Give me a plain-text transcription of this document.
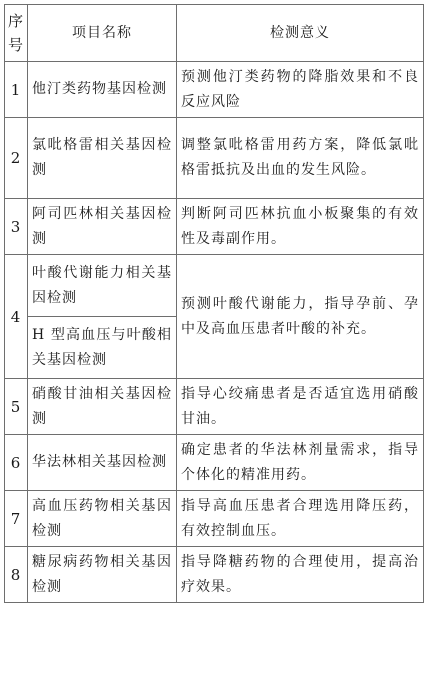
序号	项目名称	检测意义
1	他汀类药物基因检测	预测他汀类药物的降脂效果和不良反应风险
2	氯吡格雷相关基因检测	调整氯吡格雷用药方案，降低氯吡格雷抵抗及出血的发生风险。
3	阿司匹林相关基因检测	判断阿司匹林抗血小板聚集的有效性及毒副作用。
4	叶酸代谢能力相关基因检测	预测叶酸代谢能力，指导孕前、孕中及高血压患者叶酸的补充。
	H 型高血压与叶酸相关基因检测	
5	硝酸甘油相关基因检测	指导心绞痛患者是否适宜选用硝酸甘油。
6	华法林相关基因检测	确定患者的华法林剂量需求，指导个体化的精准用药。
7	高血压药物相关基因检测	指导高血压患者合理选用降压药，有效控制血压。
8	糖尿病药物相关基因检测	指导降糖药物的合理使用，提高治疗效果。
